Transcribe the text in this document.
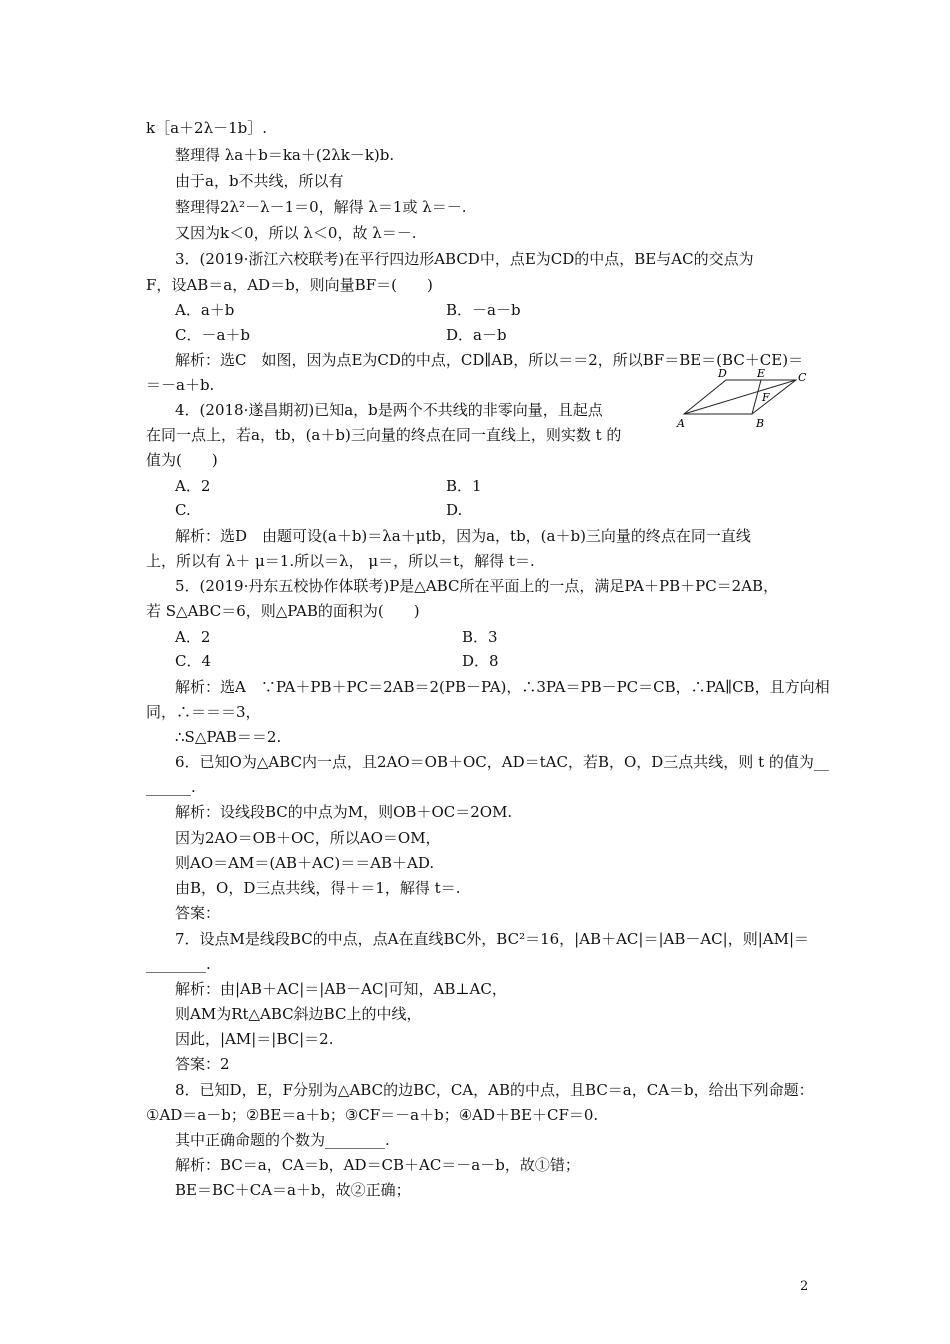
k［a＋2λ－1b］.
整理得 λa＋b＝ka＋(2λk－k)b.
由于a，b不共线，所以有
整理得2λ²－λ－1＝0，解得 λ＝1或 λ＝－.
又因为k＜0，所以 λ＜0，故 λ＝－.
3．(2019·浙江六校联考)在平行四边形ABCD中，点E为CD的中点，BE与AC的交点为
F，设AB＝a，AD＝b，则向量BF＝(　　)
A．a＋b	B．－a－b
C．－a＋b	D．a－b
解析：选C　如图，因为点E为CD的中点，CD∥AB，所以＝＝2，所以BF＝BE＝(BC＋CE)＝
＝－a＋b.
4．(2018·遂昌期初)已知a，b是两个不共线的非零向量，且起点
在同一点上，若a，tb，(a＋b)三向量的终点在同一直线上，则实数 t 的
值为(　　)
A．2	B．1
C.	D.
解析：选D　由题可设(a＋b)＝λa＋μtb，因为a，tb，(a＋b)三向量的终点在同一直线
上，所以有 λ＋ μ＝1.所以＝λ， μ＝，所以＝t，解得 t＝.
5．(2019·丹东五校协作体联考)P是△ABC所在平面上的一点，满足PA＋PB＋PC＝2AB，
若 S△ABC＝6，则△PAB的面积为(　　)
A．2	B．3
C．4	D．8
解析：选A　∵PA＋PB＋PC＝2AB＝2(PB－PA)，∴3PA＝PB－PC＝CB，∴PA∥CB，且方向相
同，∴＝＝＝3，
∴S△PAB＝＝2.
6．已知O为△ABC内一点，且2AO＝OB＋OC，AD＝tAC，若B，O，D三点共线，则 t 的值为__
______.
解析：设线段BC的中点为M，则OB＋OC＝2OM.
因为2AO＝OB＋OC，所以AO＝OM，
则AO＝AM＝(AB＋AC)＝＝AB＋AD.
由B，O，D三点共线，得＋＝1，解得 t＝.
答案：
7．设点M是线段BC的中点，点A在直线BC外，BC²＝16，|AB＋AC|＝|AB－AC|，则|AM|＝
________.
解析：由|AB＋AC|＝|AB－AC|可知，AB⊥AC，
则AM为Rt△ABC斜边BC上的中线，
因此，|AM|＝|BC|＝2.
答案：2
8．已知D，E，F分别为△ABC的边BC，CA，AB的中点，且BC＝a，CA＝b，给出下列命题：
①AD＝a－b；②BE＝a＋b；③CF＝－a＋b；④AD＋BE＋CF＝0.
其中正确命题的个数为________.
解析：BC＝a，CA＝b，AD＝CB＋AC＝－a－b，故①错；
BE＝BC＋CA＝a＋b，故②正确；
D	E	C
F
A	B
2
